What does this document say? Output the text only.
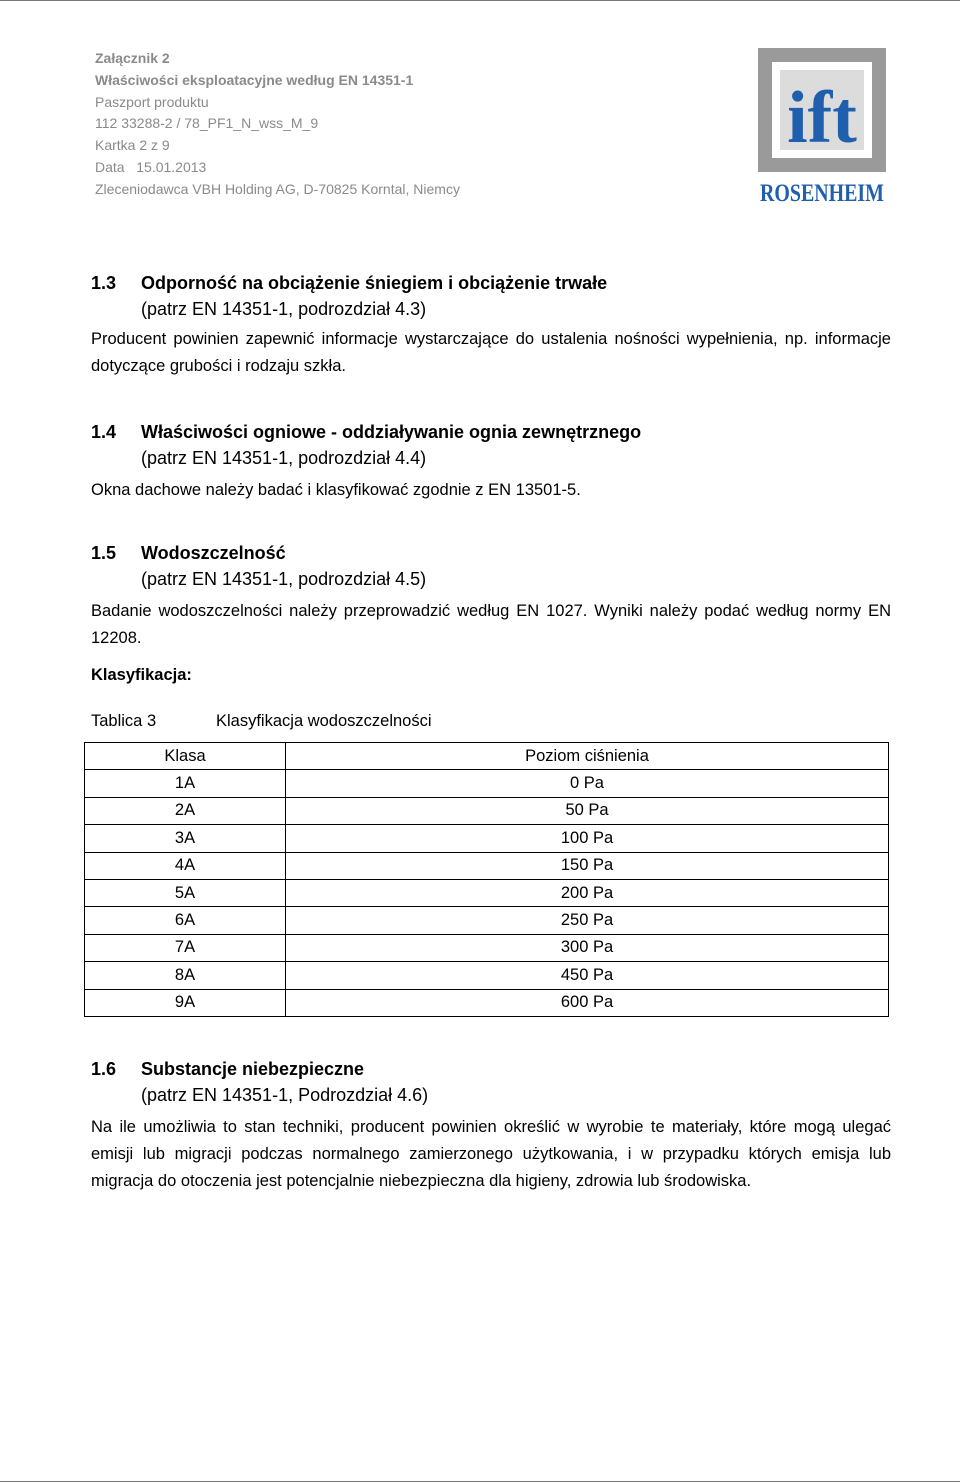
Załącznik 2
Właściwości eksploatacyjne według EN 14351-1
Paszport produktu
112 33288-2 / 78_PF1_N_wss_M_9
Kartka 2 z 9
Data   15.01.2013
Zleceniodawca VBH Holding AG, D-70825 Korntal, Niemcy
ift
ROSENHEIM
1.3 Odporność na obciążenie śniegiem i obciążenie trwałe
(patrz EN 14351-1, podrozdział 4.3)
Producent powinien zapewnić informacje wystarczające do ustalenia nośności wypełnienia, np. informacje dotyczące grubości i rodzaju szkła.
1.4 Właściwości ogniowe - oddziaływanie ognia zewnętrznego
(patrz EN 14351-1, podrozdział 4.4)
Okna dachowe należy badać i klasyfikować zgodnie z EN 13501-5.
1.5 Wodoszczelność
(patrz EN 14351-1, podrozdział 4.5)
Badanie wodoszczelności należy przeprowadzić według EN 1027. Wyniki należy podać według normy EN 12208.
Klasyfikacja:
Tablica 3	Klasyfikacja wodoszczelności
Klasa	Poziom ciśnienia
1A	0 Pa
2A	50 Pa
3A	100 Pa
4A	150 Pa
5A	200 Pa
6A	250 Pa
7A	300 Pa
8A	450 Pa
9A	600 Pa
1.6 Substancje niebezpieczne
(patrz EN 14351-1, Podrozdział 4.6)
Na ile umożliwia to stan techniki, producent powinien określić w wyrobie te materiały, które mogą ulegać emisji lub migracji podczas normalnego zamierzonego użytkowania, i w przypadku których emisja lub migracja do otoczenia jest potencjalnie niebezpieczna dla higieny, zdrowia lub środowiska.
